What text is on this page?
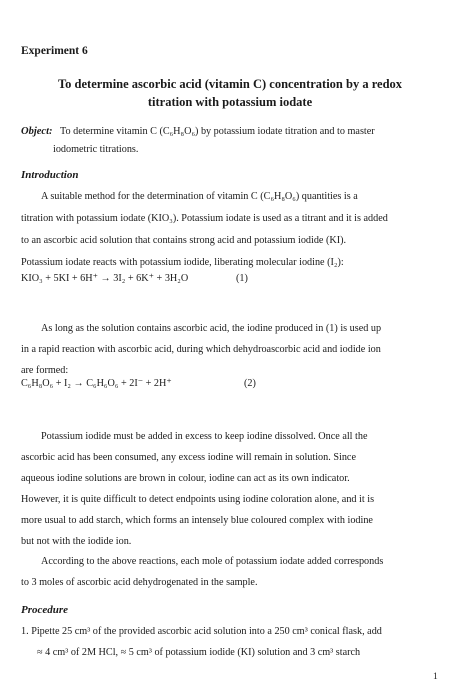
Experiment 6
To determine ascorbic acid (vitamin C) concentration by a redox
titration with potassium iodate
Object: To determine vitamin C (C₆H₈O₆) by potassium iodate titration and to master
iodometric titrations.
Introduction
A suitable method for the determination of vitamin C (C₆H₈O₆) quantities is a
titration with potassium iodate (KIO₃). Potassium iodate is used as a titrant and it is added
to an ascorbic acid solution that contains strong acid and potassium iodide (KI).
Potassium iodate reacts with potassium iodide, liberating molecular iodine (I₂):
KIO₃ + 5KI + 6H⁺ → 3I₂ + 6K⁺ + 3H₂O	(1)
As long as the solution contains ascorbic acid, the iodine produced in (1) is used up
in a rapid reaction with ascorbic acid, during which dehydroascorbic acid and iodide ion
are formed:
C₆H₈O₆ + I₂ → C₆H₆O₆ + 2I⁻ + 2H⁺	(2)
Potassium iodide must be added in excess to keep iodine dissolved. Once all the
ascorbic acid has been consumed, any excess iodine will remain in solution. Since
aqueous iodine solutions are brown in colour, iodine can act as its own indicator.
However, it is quite difficult to detect endpoints using iodine coloration alone, and it is
more usual to add starch, which forms an intensely blue coloured complex with iodine
but not with the iodide ion.
According to the above reactions, each mole of potassium iodate added corresponds
to 3 moles of ascorbic acid dehydrogenated in the sample.
Procedure
1. Pipette 25 cm³ of the provided ascorbic acid solution into a 250 cm³ conical flask, add
≈ 4 cm³ of 2M HCl, ≈ 5 cm³ of potassium iodide (KI) solution and 3 cm³ starch
1
